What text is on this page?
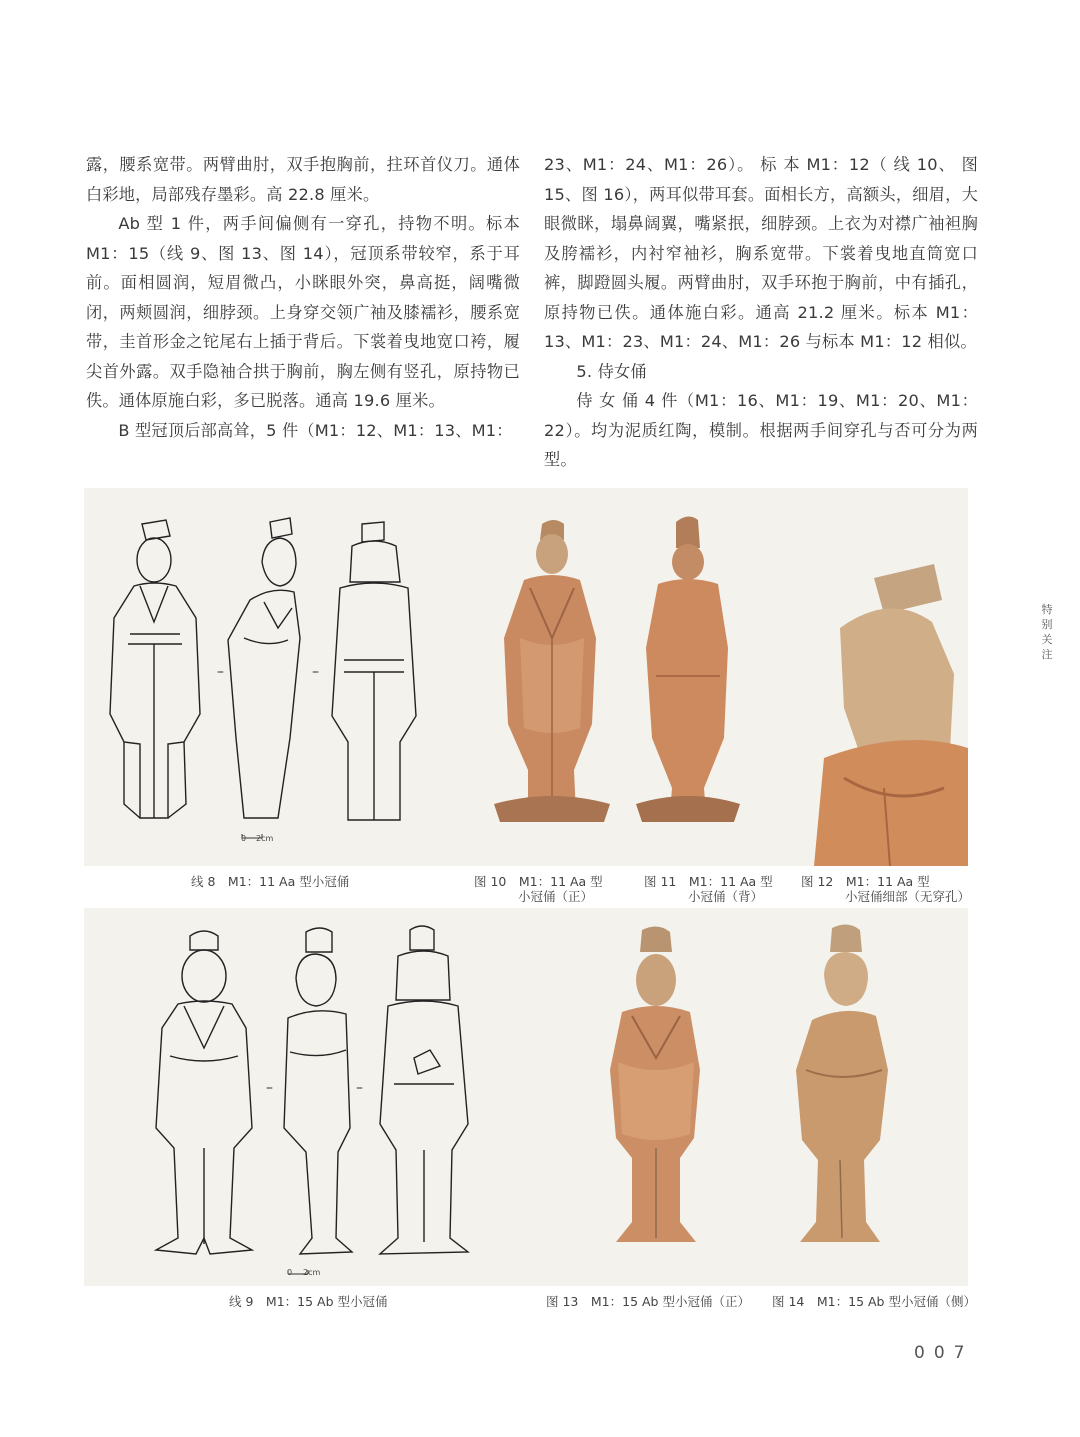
露，腰系宽带。两臂曲肘，双手抱胸前，拄环首仪刀。通体白彩地，局部残存墨彩。高 22.8 厘米。

Ab 型 1 件，两手间偏侧有一穿孔，持物不明。标本 M1：15（线 9、图 13、图 14），冠顶系带较窄，系于耳前。面相圆润，短眉微凸，小眯眼外突，鼻高挺，阔嘴微闭，两颊圆润，细脖颈。上身穿交领广袖及膝襦衫，腰系宽带，圭首形金之铊尾右上插于背后。下裳着曳地宽口袴，履尖首外露。双手隐袖合拱于胸前，胸左侧有竖孔，原持物已佚。通体原施白彩，多已脱落。通高 19.6 厘米。

B 型冠顶后部高耸，5 件（M1：12、M1：13、M1：

23、M1：24、M1：26）。 标 本 M1：12（ 线 10、 图 15、图 16），两耳似带耳套。面相长方，高额头，细眉，大眼微眯，塌鼻阔翼，嘴紧抿，细脖颈。上衣为对襟广袖袒胸及胯襦衫，内衬窄袖衫，胸系宽带。下裳着曳地直筒宽口裤，脚蹬圆头履。两臂曲肘，双手环抱于胸前，中有插孔，原持物已佚。通体施白彩。通高 21.2 厘米。标本 M1：13、M1：23、M1：24、M1：26 与标本 M1：12 相似。

5. 侍女俑

侍 女 俑 4 件（M1：16、M1：19、M1：20、M1：22）。均为泥质红陶，模制。根据两手间穿孔与否可分为两型。

–	–
线 8　M1：11 Aa 型小冠俑	图 10　M1：11 Aa 型
小冠俑（正）
图 11　M1：11 Aa 型
小冠俑（背）
图 12　M1：11 Aa 型
小冠俑细部（无穿孔）
–	–
0 2cm
0 2cm
线 9　M1：15 Ab 型小冠俑	图 13　M1：15 Ab 型小冠俑（正） 图 14　M1：15 Ab 型小冠俑（侧）
特别关注
007
